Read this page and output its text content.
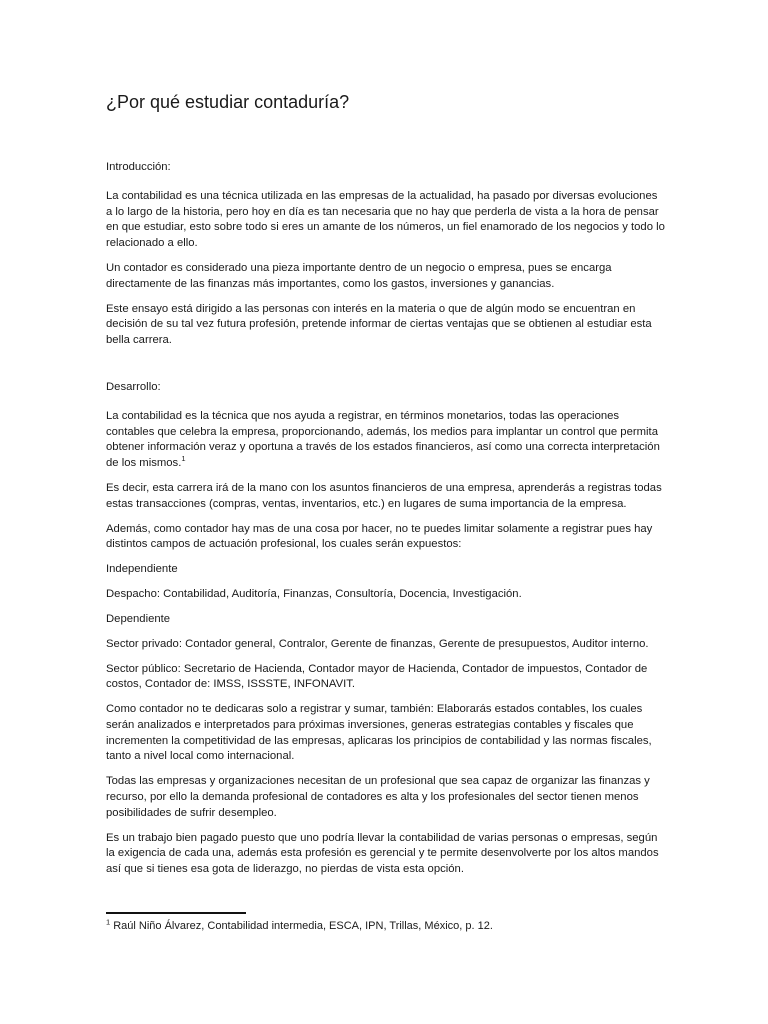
¿Por qué estudiar contaduría?
Introducción:

La contabilidad es una técnica utilizada en las empresas de la actualidad, ha pasado por diversas evoluciones a lo largo de la historia, pero hoy en día es tan necesaria que no hay que perderla de vista a la hora de pensar en que estudiar, esto sobre todo si eres un amante de los números, un fiel enamorado de los negocios y todo lo relacionado a ello.

Un contador es considerado una pieza importante dentro de un negocio o empresa, pues se encarga directamente de las finanzas más importantes, como los gastos, inversiones y ganancias.

Este ensayo está dirigido a las personas con interés en la materia o que de algún modo se encuentran en decisión de su tal vez futura profesión, pretende informar de ciertas ventajas que se obtienen al estudiar esta bella carrera.

Desarrollo:

La contabilidad es la técnica que nos ayuda a registrar, en términos monetarios, todas las operaciones contables que celebra la empresa, proporcionando, además, los medios para implantar un control que permita obtener información veraz y oportuna a través de los estados financieros, así como una correcta interpretación de los mismos.$^1$

Es decir, esta carrera irá de la mano con los asuntos financieros de una empresa, aprenderás a registras todas estas transacciones (compras, ventas, inventarios, etc.) en lugares de suma importancia de la empresa.

Además, como contador hay mas de una cosa por hacer, no te puedes limitar solamente a registrar pues hay distintos campos de actuación profesional, los cuales serán expuestos:

Independiente

Despacho: Contabilidad, Auditoría, Finanzas, Consultoría, Docencia, Investigación.

Dependiente

Sector privado: Contador general, Contralor, Gerente de finanzas, Gerente de presupuestos, Auditor interno.

Sector público: Secretario de Hacienda, Contador mayor de Hacienda, Contador de impuestos, Contador de costos, Contador de: IMSS, ISSSTE, INFONAVIT.

Como contador no te dedicaras solo a registrar y sumar, también: Elaborarás estados contables, los cuales serán analizados e interpretados para próximas inversiones, generas estrategias contables y fiscales que incrementen la competitividad de las empresas, aplicaras los principios de contabilidad y las normas fiscales, tanto a nivel local como internacional.

Todas las empresas y organizaciones necesitan de un profesional que sea capaz de organizar las finanzas y recurso, por ello la demanda profesional de contadores es alta y los profesionales del sector tienen menos posibilidades de sufrir desempleo.

Es un trabajo bien pagado puesto que uno podría llevar la contabilidad de varias personas o empresas, según la exigencia de cada una, además esta profesión es gerencial y te permite desenvolverte por los altos mandos así que si tienes esa gota de liderazgo, no pierdas de vista esta opción.

$^1$ Raúl Niño Álvarez, Contabilidad intermedia, ESCA, IPN, Trillas, México, p. 12.
